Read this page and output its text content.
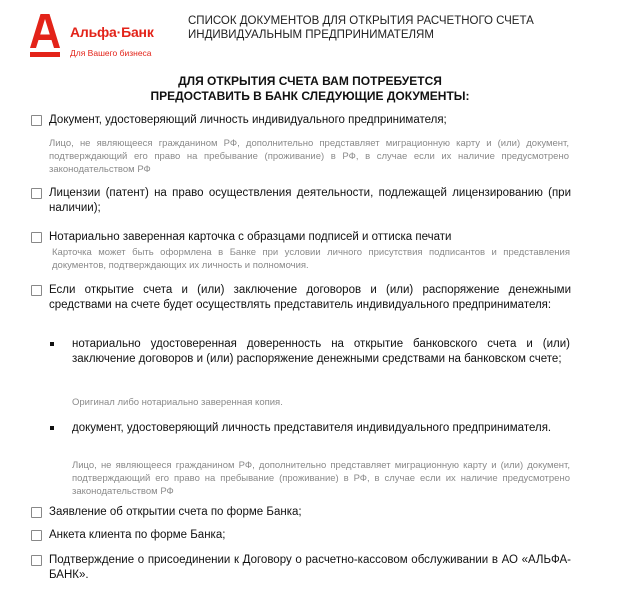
Альфа·Банк
Для Вашего бизнеса
СПИСОК ДОКУМЕНТОВ ДЛЯ ОТКРЫТИЯ РАСЧЕТНОГО СЧЕТА
ИНДИВИДУАЛЬНЫМ ПРЕДПРИНИМАТЕЛЯМ
ДЛЯ ОТКРЫТИЯ СЧЕТА ВАМ ПОТРЕБУЕТСЯ
ПРЕДОСТАВИТЬ В БАНК СЛЕДУЮЩИЕ ДОКУМЕНТЫ:
Документ, удостоверяющий личность индивидуального предпринимателя;
Лицо, не являющееся гражданином РФ, дополнительно представляет миграционную карту и (или) документ, подтверждающий его право на пребывание (проживание) в РФ, в случае если их наличие предусмотрено законодательством РФ
Лицензии (патент) на право осуществления деятельности, подлежащей лицензированию (при наличии);
Нотариально заверенная карточка с образцами подписей и оттиска печати
Карточка может быть оформлена в Банке при условии личного присутствия подписантов и представления документов, подтверждающих их личность и полномочия.
Если открытие счета и (или) заключение договоров и (или) распоряжение денежными средствами на счете будет осуществлять представитель индивидуального предпринимателя:
нотариально удостоверенная доверенность на открытие банковского счета и (или) заключение договоров и (или) распоряжение денежными средствами на банковском счете;
Оригинал либо нотариально заверенная копия.
документ, удостоверяющий личность представителя индивидуального предпринимателя.
Лицо, не являющееся гражданином РФ, дополнительно представляет миграционную карту и (или) документ, подтверждающий его право на пребывание (проживание) в РФ, в случае если их наличие предусмотрено законодательством РФ
Заявление об открытии счета по форме Банка;
Анкета клиента по форме Банка;
Подтверждение о присоединении к Договору о расчетно-кассовом обслуживании в АО «АЛЬФА-БАНК».
